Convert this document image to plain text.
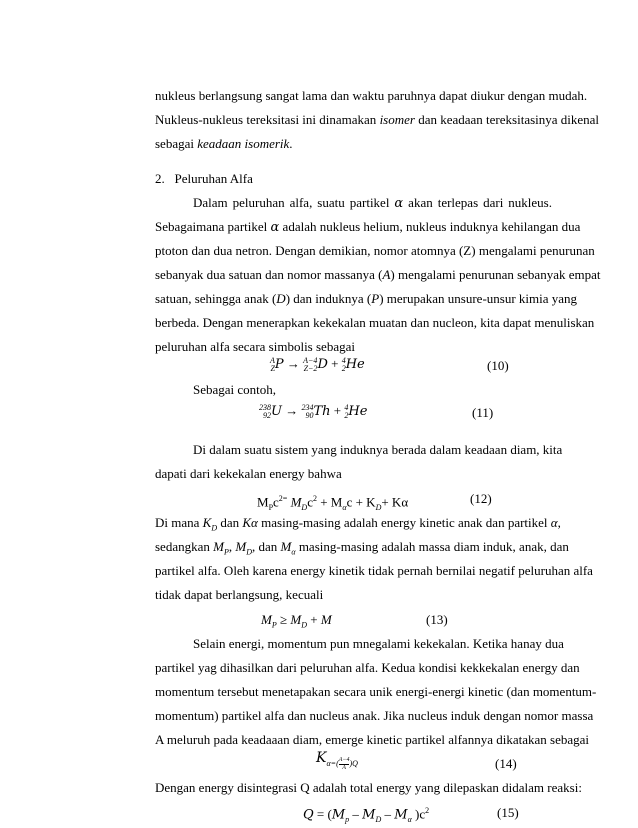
nukleus berlangsung sangat lama dan waktu paruhnya dapat diukur dengan mudah.
Nukleus-nukleus tereksitasi ini dinamakan isomer dan keadaan tereksitasinya dikenal
sebagai keadaan isomerik.
2. Peluruhan Alfa
Dalam peluruhan alfa, suatu partikel α akan terlepas dari nukleus.
Sebagaimana partikel α adalah nukleus helium, nukleus induknya kehilangan dua
ptoton dan dua netron. Dengan demikian, nomor atomnya (Z) mengalami penurunan
sebanyak dua satuan dan nomor massanya (A) mengalami penurunan sebanyak empat
satuan, sehingga anak (D) dan induknya (P) merupakan unsure-unsur kimia yang
berbeda. Dengan menerapkan kekekalan muatan dan nucleon, kita dapat menuliskan
peluruhan alfa secara simbolis sebagai
A
Z P → A−4
Z−2 D + 4
2 He	(10)
Sebagai contoh,
238
92 U → 234
90 Th + 4
2 He	(11)
Di dalam suatu sistem yang induknya berada dalam keadaan diam, kita
dapati dari kekekalan energy bahwa
$M_Pc^{2=}$ $M_Dc^2 + M_\alpha c + K_D+ K\alpha$	(12)
Di mana $K_D$ dan Kα masing-masing adalah energy kinetic anak dan partikel α,
sedangkan $M_P$, $M_D$, dan $M_\alpha$ masing-masing adalah massa diam induk, anak, dan
partikel alfa. Oleh karena energy kinetik tidak pernah bernilai negatif peluruhan alfa
tidak dapat berlangsung, kecuali
$M_P \ge M_D + M$	(13)
Selain energi, momentum pun mnegalami kekekalan. Ketika hanay dua
partikel yag dihasilkan dari peluruhan alfa. Kedua kondisi kekkekalan energy dan
momentum tersebut menetapakan secara unik energi-energi kinetic (dan momentum-
momentum) partikel alfa dan nucleus anak. Jika nucleus induk dengan nomor massa
A meluruh pada keadaaan diam, emerge kinetic partikel alfannya dikatakan sebagai
$K_{\alpha=( \frac{A-4}{A} )Q}$	(14)
Dengan energy disintegrasi Q adalah total energy yang dilepaskan didalam reaksi:
$Q = (M_p - M_D - M_\alpha$ )$c^2$	(15)
